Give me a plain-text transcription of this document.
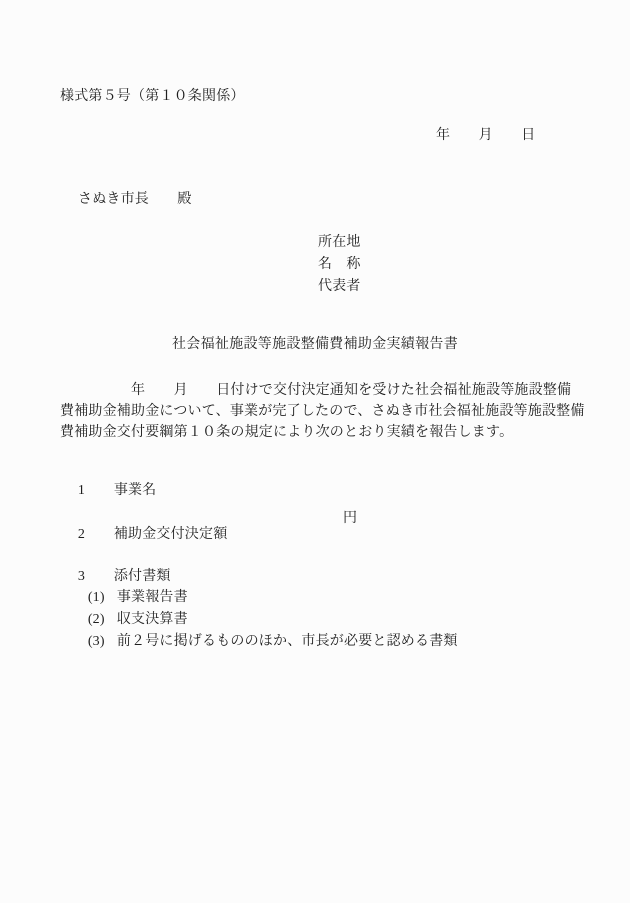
様式第５号（第１０条関係）
年　　月　　日
さぬき市長　　殿
所在地
名　称
代表者
社会福祉施設等施設整備費補助金実績報告書
　　　　　年　　月　　日付けで交付決定通知を受けた社会福祉施設等施設整備
費補助金補助金について、事業が完了したので、さぬき市社会福祉施設等施設整備
費補助金交付要綱第１０条の規定により次のとおり実績を報告します。

1 事業名

2 補助金交付決定額

円

3 添付書類

(1) 事業報告書

(2) 収支決算書

(3) 前２号に掲げるもののほか、市長が必要と認める書類
